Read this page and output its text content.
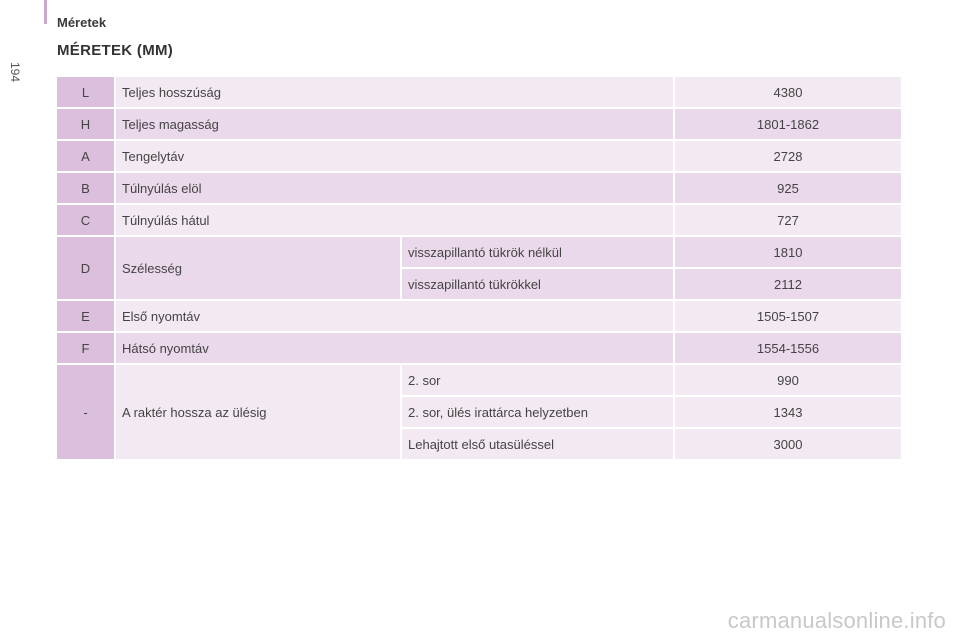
Méretek
194
MÉRETEK (MM)
L	Teljes hosszúság		4380
H	Teljes magasság		1801-1862
A	Tengelytáv		2728
B	Túlnyúlás elöl		925
C	Túlnyúlás hátul		727
D	Szélesség	visszapillantó tükrök nélkül	1810
		visszapillantó tükrökkel	2112
E	Első nyomtáv		1505-1507
F	Hátsó nyomtáv		1554-1556
-	A raktér hossza az ülésig	2. sor	990
		2. sor, ülés irattárca helyzetben	1343
		Lehajtott első utasüléssel	3000
carmanualsonline.info
